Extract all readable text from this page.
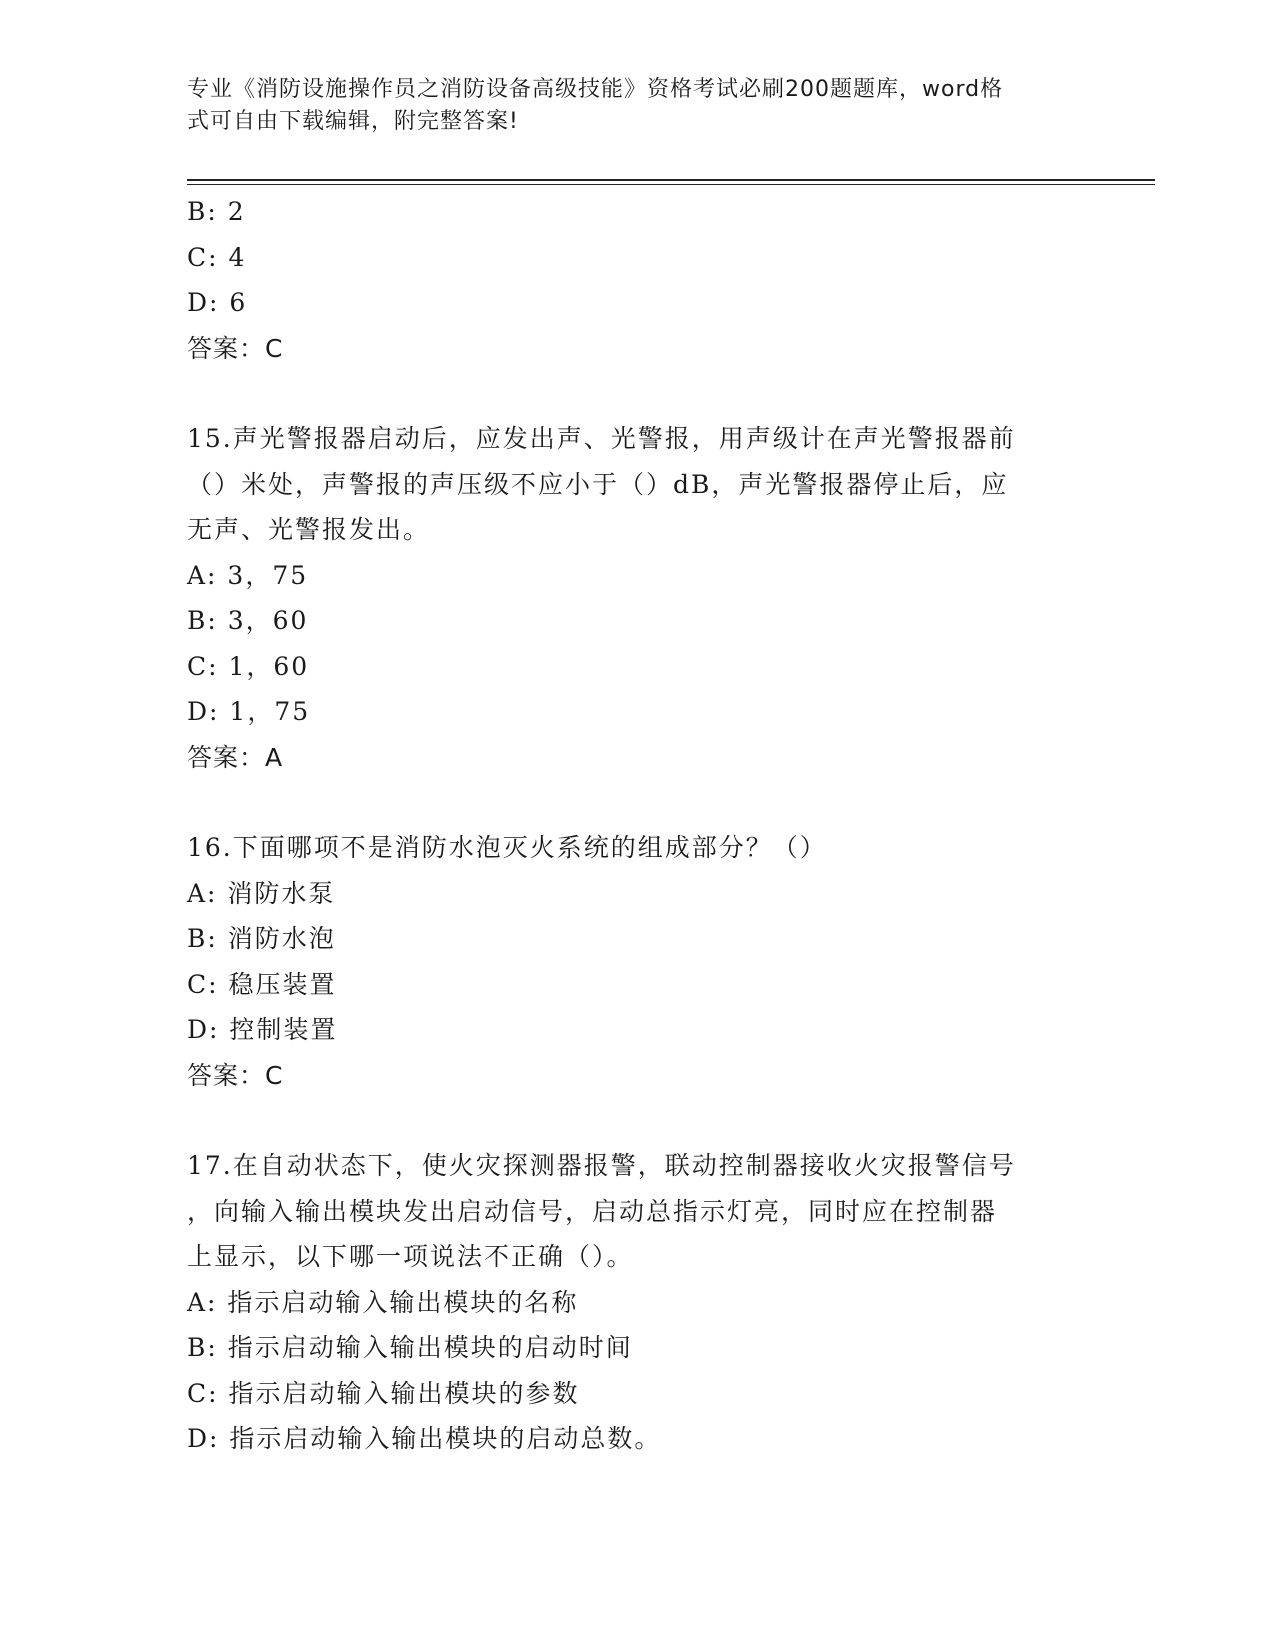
专业《消防设施操作员之消防设备高级技能》资格考试必刷200题题库，word格
式可自由下载编辑，附完整答案!
B: 2
C: 4
D: 6
答案：C
15.声光警报器启动后，应发出声、光警报，用声级计在声光警报器前
（）米处，声警报的声压级不应小于（）dB，声光警报器停止后，应
无声、光警报发出。
A: 3，75
B: 3，60
C: 1，60
D: 1，75
答案：A
16.下面哪项不是消防水泡灭火系统的组成部分？（）
A: 消防水泵
B: 消防水泡
C: 稳压装置
D: 控制装置
答案：C
17.在自动状态下，使火灾探测器报警，联动控制器接收火灾报警信号
，向输入输出模块发出启动信号，启动总指示灯亮，同时应在控制器
上显示，以下哪一项说法不正确（）。
A: 指示启动输入输出模块的名称
B: 指示启动输入输出模块的启动时间
C: 指示启动输入输出模块的参数
D: 指示启动输入输出模块的启动总数。
